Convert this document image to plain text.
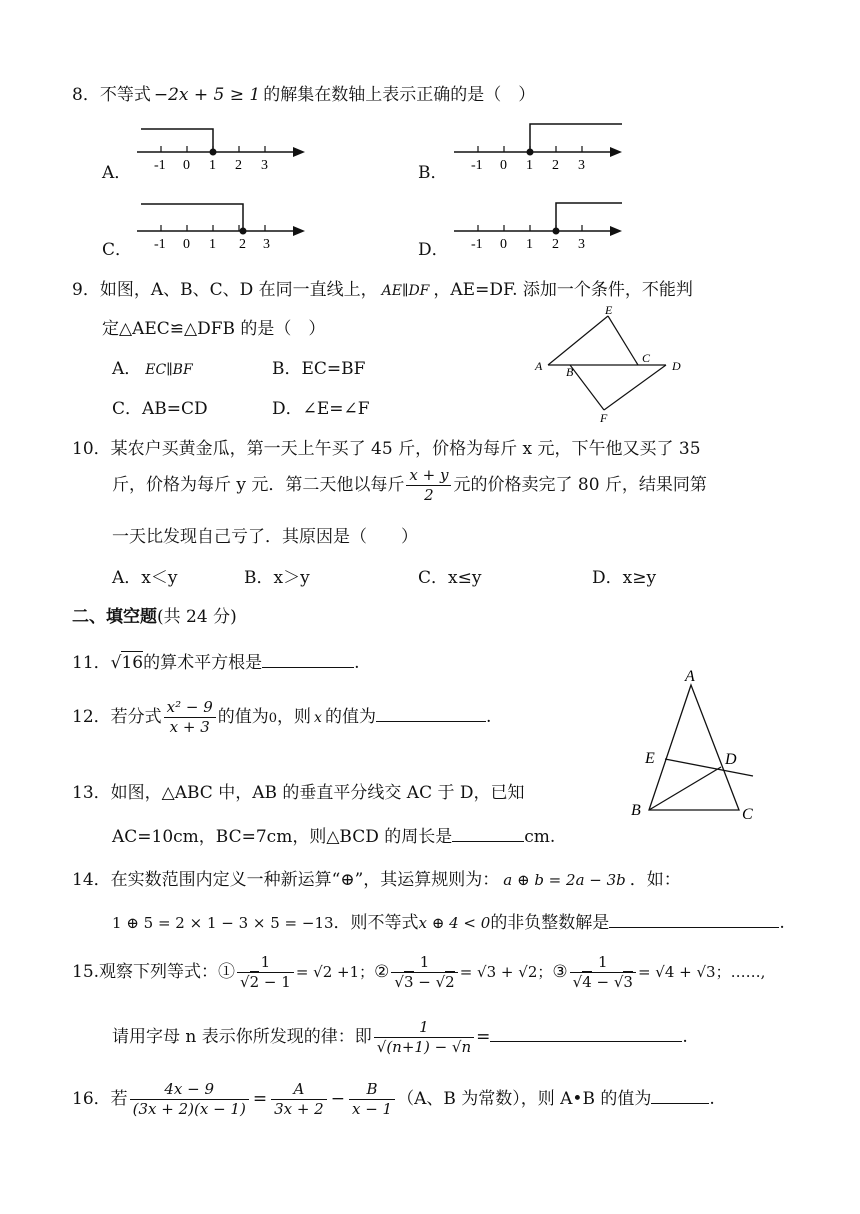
8．不等式 −2x + 5 ≥ 1 的解集在数轴上表示正确的是（　）
A．	B．
C．	D．
-1 0 1 2 3	-1 0 1 2 3
-1 0 1 2 3	-1 0 1 2 3
9．如图，A、B、C、D 在同一直线上， AE∥DF ，AE=DF. 添加一个条件，不能判
定△AEC≌△DFB 的是（　）
A． EC∥BF	B．EC=BF
C．AB=CD	D．∠E=∠F
E
C
A B	D
F
10．某农户买黄金瓜，第一天上午买了 45 斤，价格为每斤 x 元，下午他又买了 35
斤，价格为每斤 y 元．第二天他以每斤 $\frac{x + y}{2}$ 元的价格卖完了 80 斤，结果同第
一天比发现自己亏了．其原因是（　　）
A．x＜y	B．x＞y	C．x≤y	D．x≥y
二、填空题(共 24 分)
11．√16的算术平方根是	.
12．若分式 $\frac{\text{x² − 9}}{x + 3}$ 的值为0，则 x 的值为	.
13．如图，△ABC 中，AB 的垂直平分线交 AC 于 D，已知
AC=10cm，BC=7cm，则△BCD 的周长是	cm.
A
E	D
B	C
14．在实数范围内定义一种新运算“⊕”，其运算规则为： a ⊕ b = 2a − 3b ．如：
1 ⊕ 5 = 2 × 1 − 3 × 5 = −13．则不等式x ⊕ 4 < 0的非负整数解是	.
15.观察下列等式：① $\frac{1}{√2 - 1} = √2 +1$；② $\frac{1}{√3 - √2} = √3 + √2$；③ $\frac{1}{√4 - √3} = √4 + √3$；……,
请用字母 n 表示你所发现的律：即 $\frac{1}{√(n+1) - √n}$ =	.
16．若 $\frac{4x - 9}{(3x + 2)(x - 1)} = \frac{A}{3x + 2} - \frac{B}{x - 1} (A$、B 为常数），则 A•B 的值为	.
